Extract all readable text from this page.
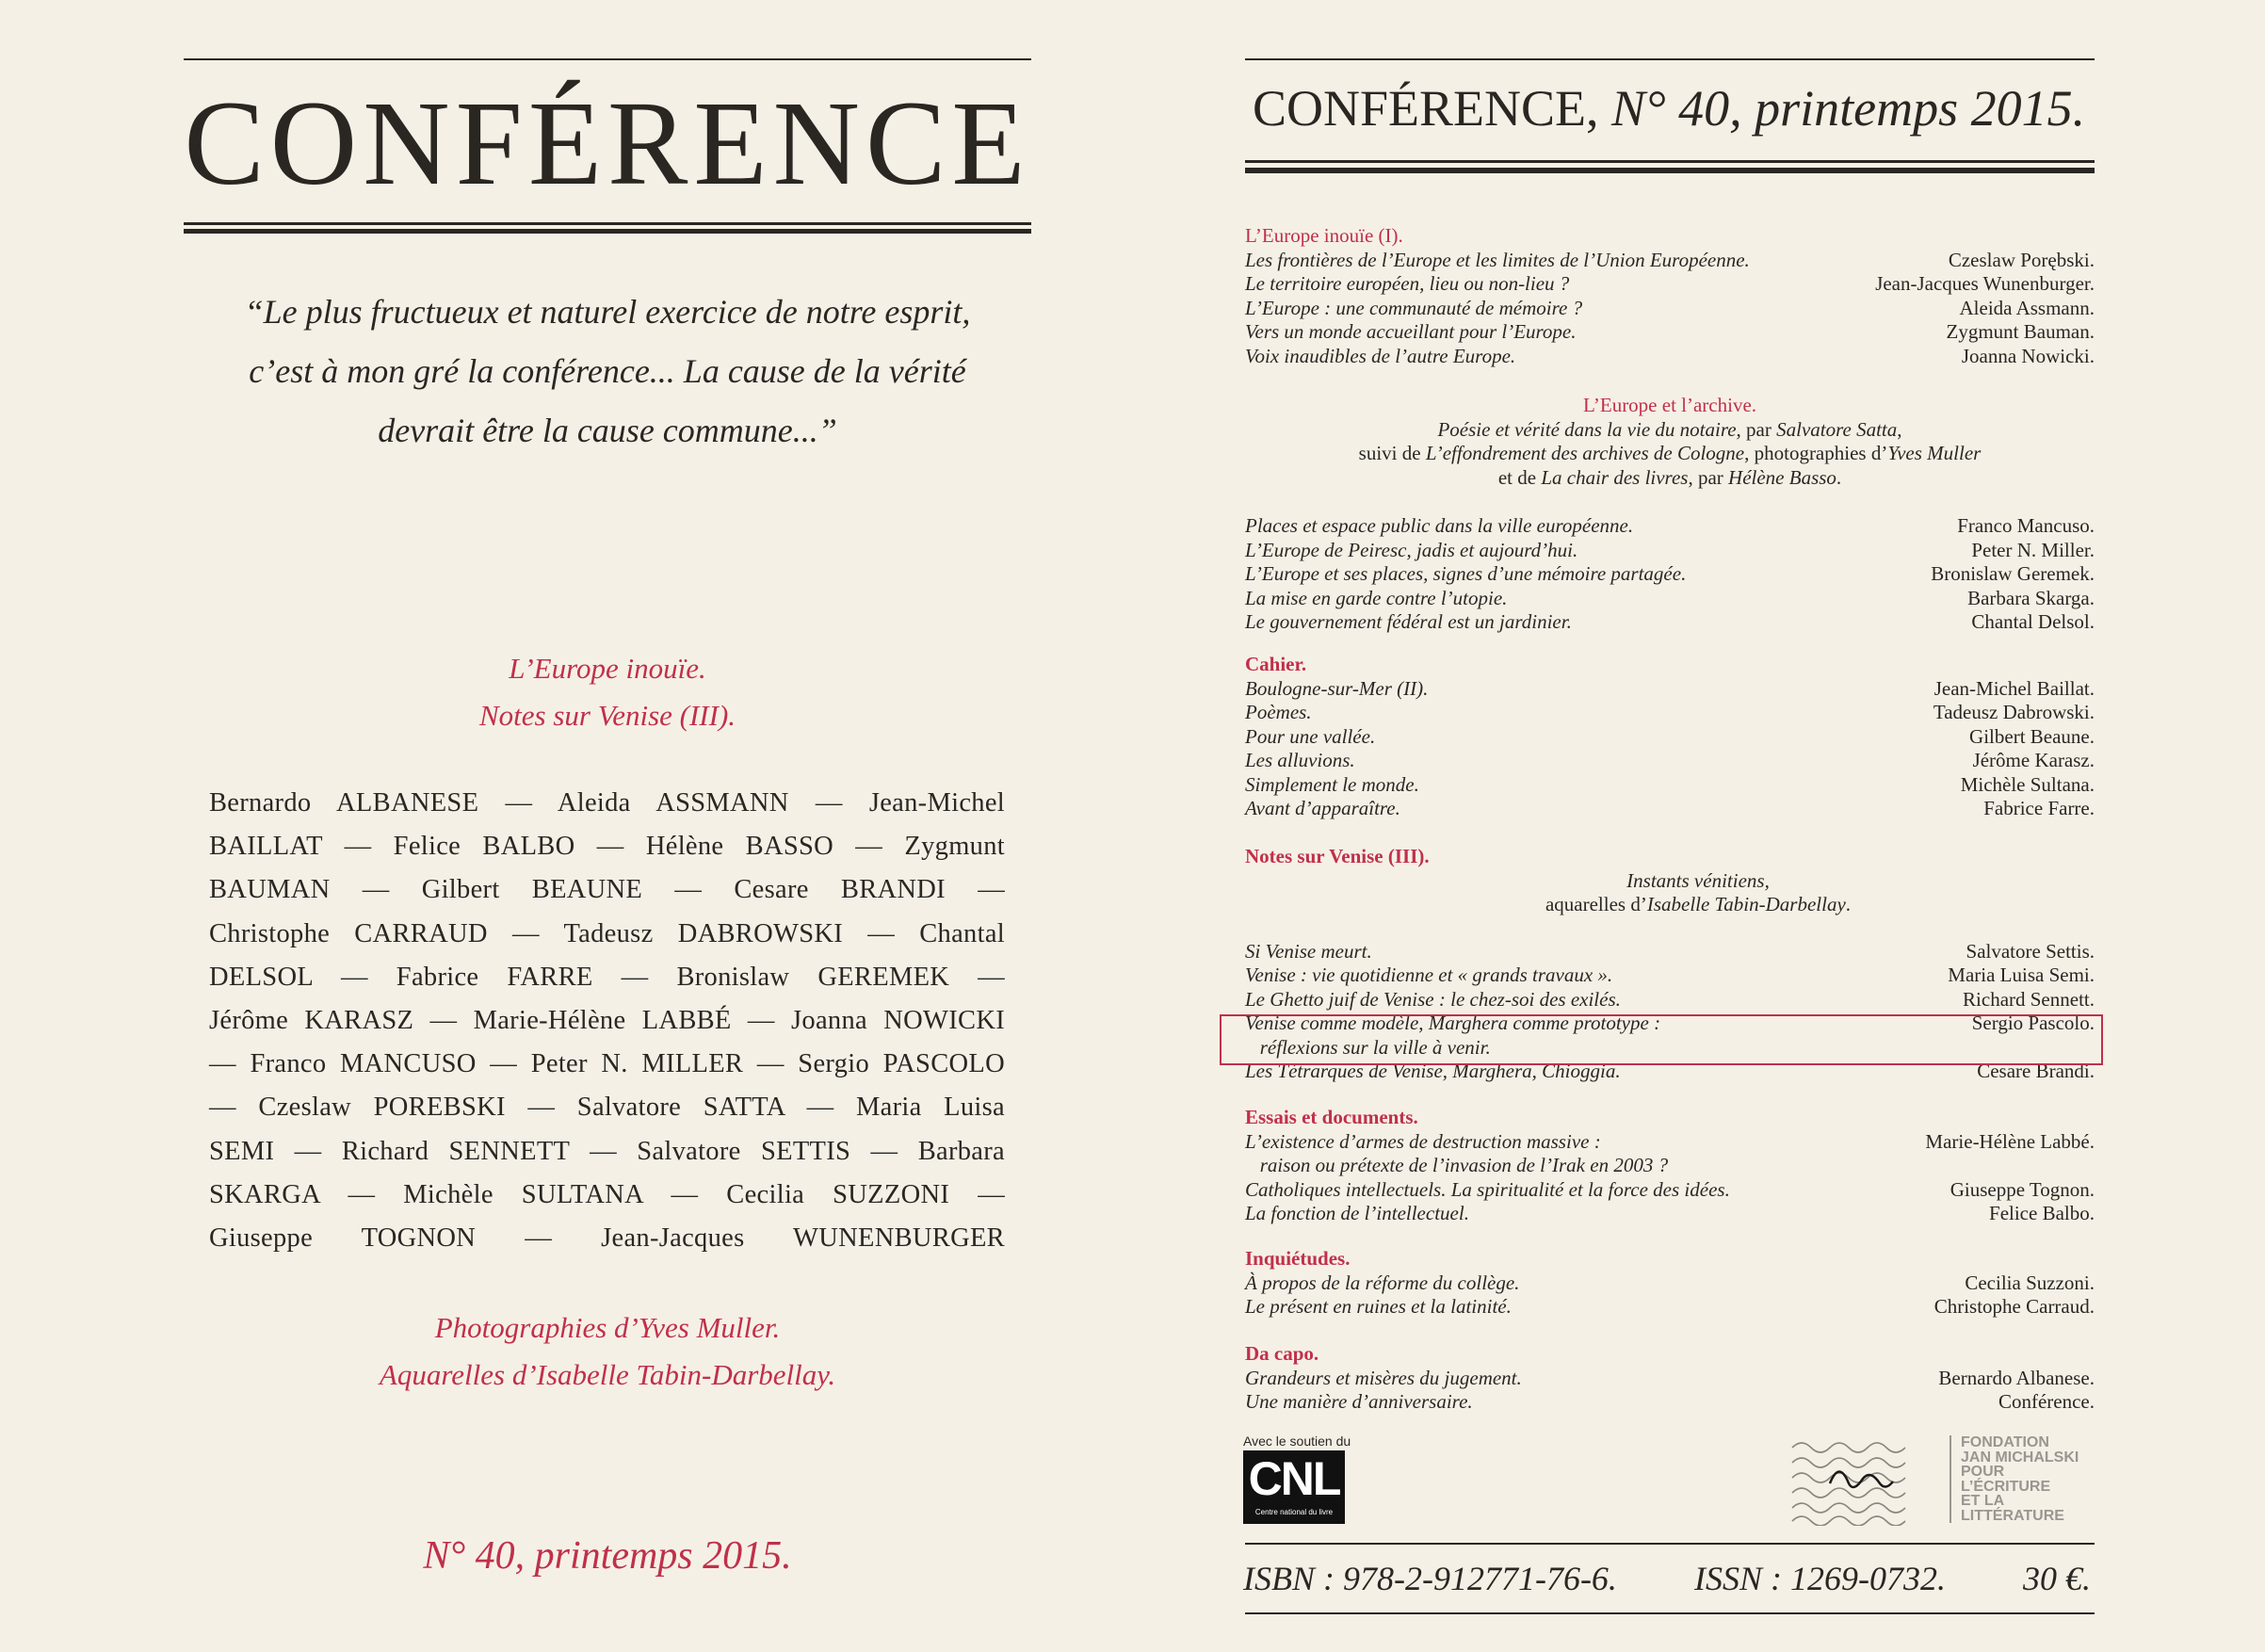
CONFÉRENCE
“Le plus fructueux et naturel exercice de notre esprit,
c’est à mon gré la conférence... La cause de la vérité
devrait être la cause commune...”
L’Europe inouïe.
Notes sur Venise (III).
Bernardo ALBANESE — Aleida ASSMANN — Jean-Michel
BAILLAT — Felice BALBO — Hélène BASSO — Zygmunt
BAUMAN — Gilbert BEAUNE — Cesare BRANDI —
Christophe CARRAUD — Tadeusz DABROWSKI — Chantal
DELSOL — Fabrice FARRE — Bronislaw GEREMEK —
Jérôme KARASZ — Marie-Hélène LABBÉ — Joanna NOWICKI
— Franco MANCUSO — Peter N. MILLER — Sergio PASCOLO
— Czeslaw POREBSKI — Salvatore SATTA — Maria Luisa
SEMI — Richard SENNETT — Salvatore SETTIS — Barbara
SKARGA — Michèle SULTANA — Cecilia SUZZONI —
Giuseppe TOGNON — Jean-Jacques WUNENBURGER
Photographies d’Yves Muller.
Aquarelles d’Isabelle Tabin-Darbellay.
N° 40, printemps 2015.
CONFÉRENCE, N° 40, printemps 2015.
L’Europe inouïe (I).
Les frontières de l’Europe et les limites de l’Union Européenne.	Czeslaw Porębski.
Le territoire européen, lieu ou non-lieu ?	Jean-Jacques Wunenburger.
L’Europe : une communauté de mémoire ?	Aleida Assmann.
Vers un monde accueillant pour l’Europe.	Zygmunt Bauman.
Voix inaudibles de l’autre Europe.	Joanna Nowicki.
L’Europe et l’archive.
Poésie et vérité dans la vie du notaire, par Salvatore Satta,
suivi de L’effondrement des archives de Cologne, photographies d’Yves Muller
et de La chair des livres, par Hélène Basso.
Places et espace public dans la ville européenne.	Franco Mancuso.
L’Europe de Peiresc, jadis et aujourd’hui.	Peter N. Miller.
L’Europe et ses places, signes d’une mémoire partagée.	Bronislaw Geremek.
La mise en garde contre l’utopie.	Barbara Skarga.
Le gouvernement fédéral est un jardinier.	Chantal Delsol.
Cahier.
Boulogne-sur-Mer (II).	Jean-Michel Baillat.
Poèmes.	Tadeusz Dabrowski.
Pour une vallée.	Gilbert Beaune.
Les alluvions.	Jérôme Karasz.
Simplement le monde.	Michèle Sultana.
Avant d’apparaître.	Fabrice Farre.
Notes sur Venise (III).
Instants vénitiens,
aquarelles d’Isabelle Tabin-Darbellay.
Si Venise meurt.	Salvatore Settis.
Venise : vie quotidienne et « grands travaux ».	Maria Luisa Semi.
Le Ghetto juif de Venise : le chez-soi des exilés.	Richard Sennett.
Venise comme modèle, Marghera comme prototype :	Sergio Pascolo.
réflexions sur la ville à venir.
Les Tétrarques de Venise, Marghera, Chioggia.	Cesare Brandi.
Essais et documents.
L’existence d’armes de destruction massive :	Marie-Hélène Labbé.
raison ou prétexte de l’invasion de l’Irak en 2003 ?
Catholiques intellectuels. La spiritualité et la force des idées.	Giuseppe Tognon.
La fonction de l’intellectuel.	Felice Balbo.
Inquiétudes.
À propos de la réforme du collège.	Cecilia Suzzoni.
Le présent en ruines et la latinité.	Christophe Carraud.
Da capo.
Grandeurs et misères du jugement.	Bernardo Albanese.
Une manière d’anniversaire.	Conférence.
Avec le soutien du
CNL
Centre national du livre
FONDATION
JAN MICHALSKI
POUR
L’ÉCRITURE
ET LA
LITTÉRATURE
ISBN : 978-2-912771-76-6. ISSN : 1269-0732. 30 €.
